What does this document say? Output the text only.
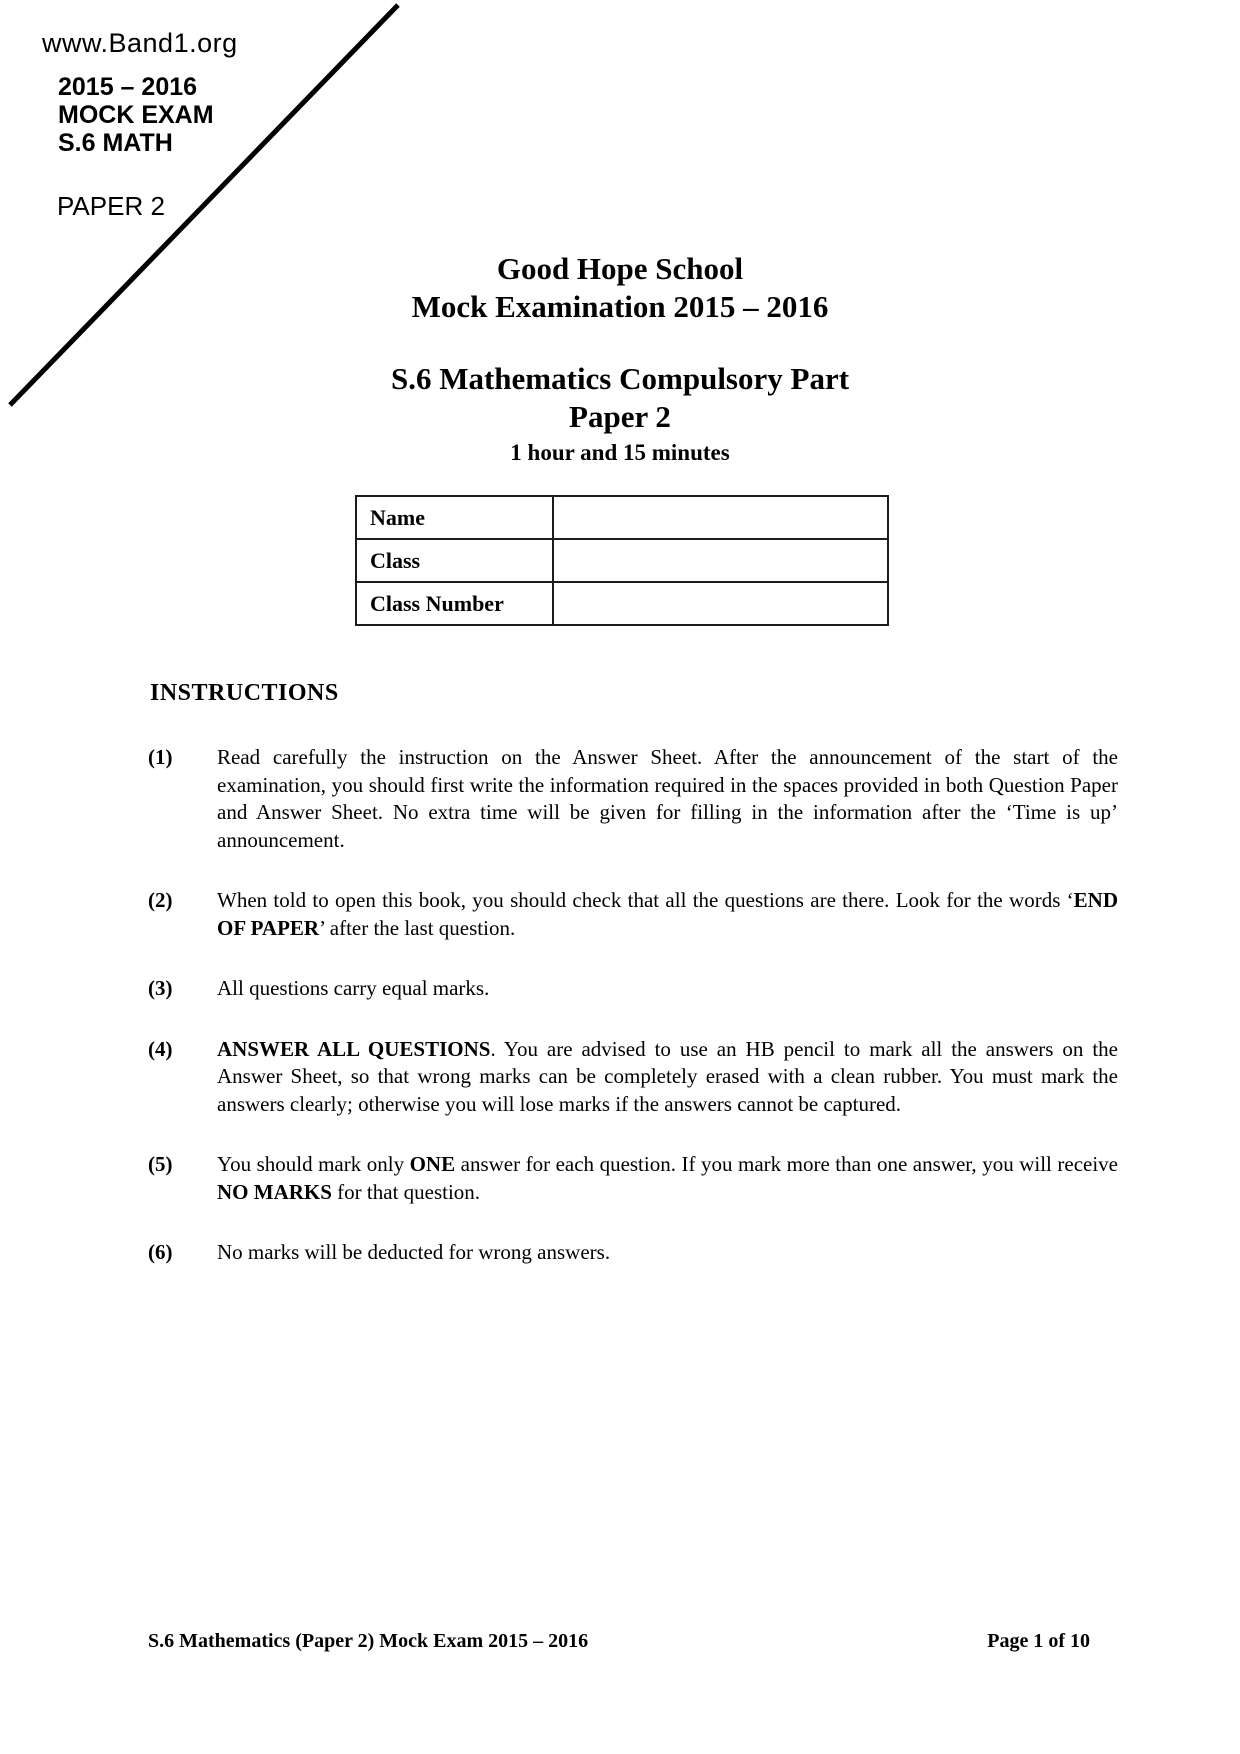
www.Band1.org
2015 – 2016
MOCK EXAM
S.6 MATH
PAPER 2
Good Hope School
Mock Examination 2015 – 2016
S.6 Mathematics Compulsory Part
Paper 2
1 hour and 15 minutes
Name	
Class	
Class Number	
INSTRUCTIONS
(1)	Read carefully the instruction on the Answer Sheet. After the announcement of the start of the examination, you should first write the information required in the spaces provided in both Question Paper and Answer Sheet. No extra time will be given for filling in the information after the ‘Time is up’ announcement.
(2)	When told to open this book, you should check that all the questions are there. Look for the words ‘END OF PAPER’ after the last question.
(3)	All questions carry equal marks.
(4)	ANSWER ALL QUESTIONS. You are advised to use an HB pencil to mark all the answers on the Answer Sheet, so that wrong marks can be completely erased with a clean rubber. You must mark the answers clearly; otherwise you will lose marks if the answers cannot be captured.
(5)	You should mark only ONE answer for each question. If you mark more than one answer, you will receive NO MARKS for that question.
(6)	No marks will be deducted for wrong answers.
S.6 Mathematics (Paper 2) Mock Exam 2015 – 2016	Page 1 of 10
